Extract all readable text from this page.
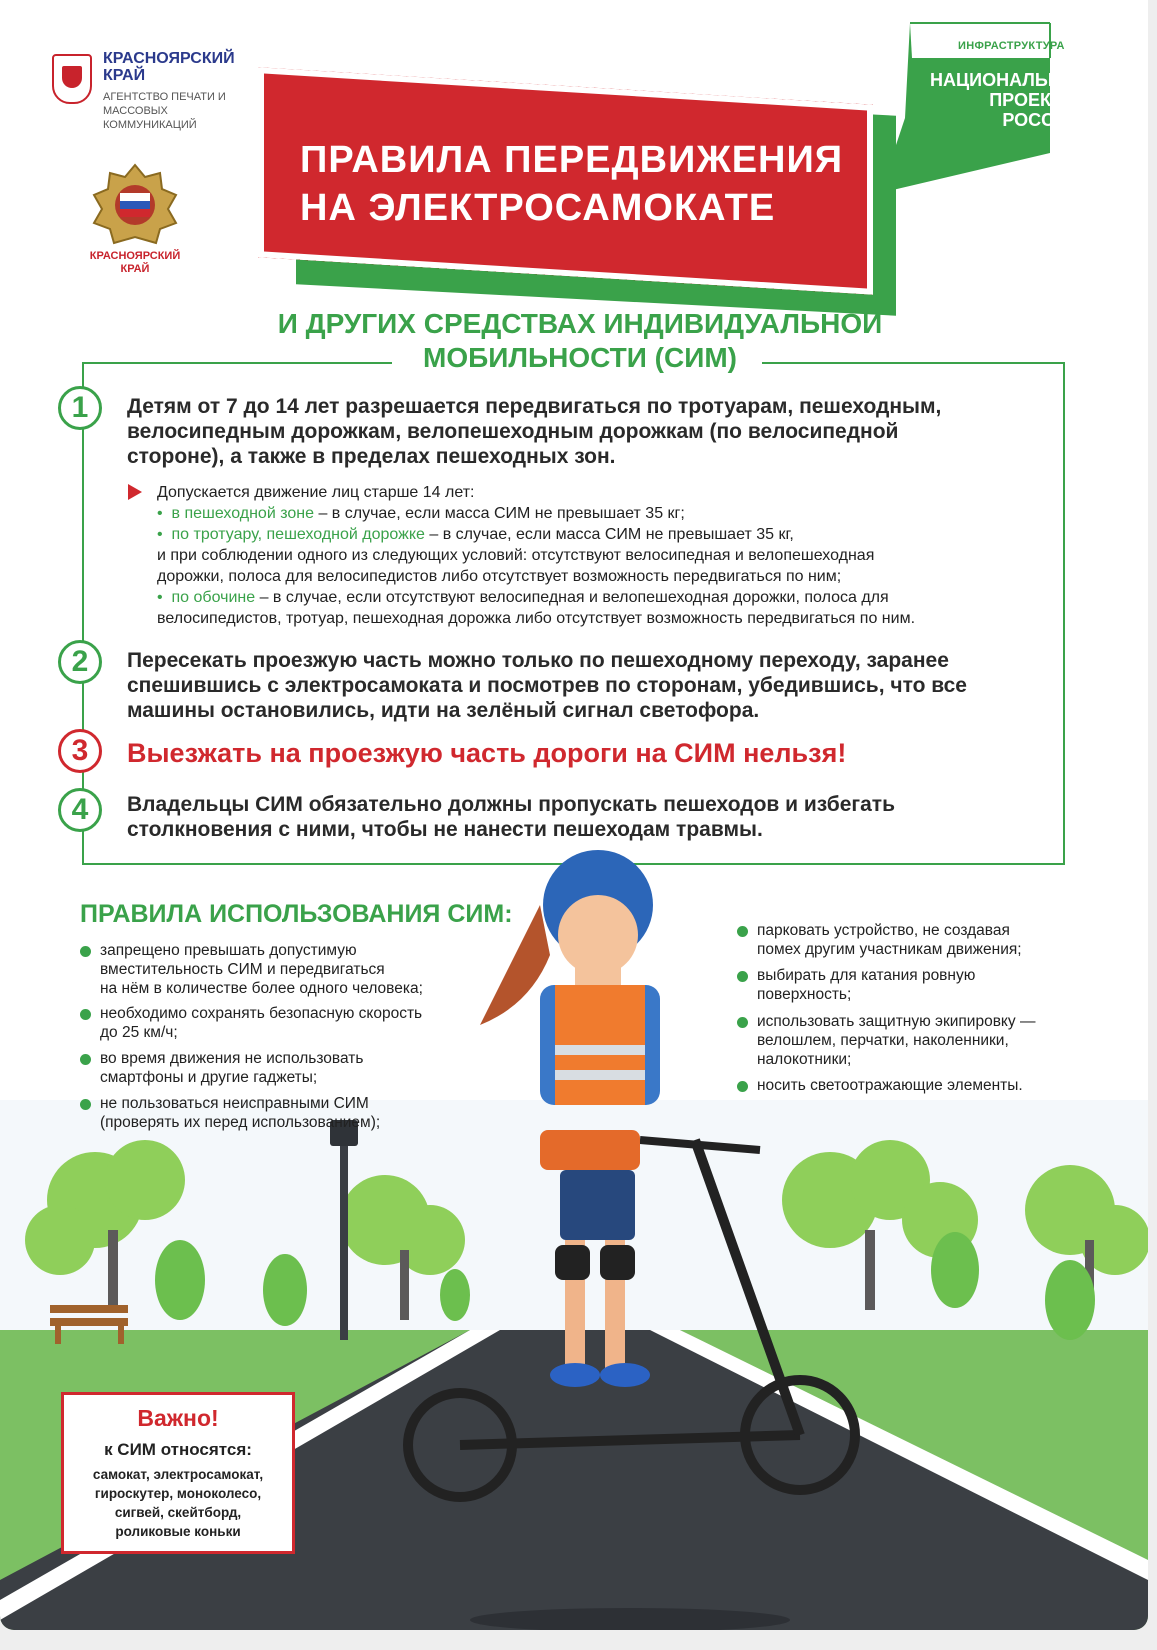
КРАСНОЯРСКИЙ КРАЙ
АГЕНТСТВО ПЕЧАТИ И МАССОВЫХ КОММУНИКАЦИЙ
КРАСНОЯРСКИЙ КРАЙ
ИНФРАСТРУКТУРА
НАЦИОНАЛЬНЫЕ ПРОЕКТЫ РОССИИ
ПРАВИЛА ПЕРЕДВИЖЕНИЯ
НА ЭЛЕКТРОСАМОКАТЕ
И ДРУГИХ СРЕДСТВАХ ИНДИВИДУАЛЬНОЙ
МОБИЛЬНОСТИ (СИМ)
1	Детям от 7 до 14 лет разрешается передвигаться по тротуарам, пешеходным,
велосипедным дорожкам, велопешеходным дорожкам (по велосипедной
стороне), а также в пределах пешеходных зон.
Допускается движение лиц старше 14 лет:
•  в пешеходной зоне – в случае, если масса СИМ не превышает 35 кг;
•  по тротуару, пешеходной дорожке – в случае, если масса СИМ не превышает 35 кг,
и при соблюдении одного из следующих условий: отсутствуют велосипедная и велопешеходная
дорожки, полоса для велосипедистов либо отсутствует возможность передвигаться по ним;
•  по обочине – в случае, если отсутствуют велосипедная и велопешеходная дорожки, полоса для
велосипедистов, тротуар, пешеходная дорожка либо отсутствует возможность передвигаться по ним.
2	Пересекать проезжую часть можно только по пешеходному переходу, заранее
спешившись с электросамоката и посмотрев по сторонам, убедившись, что все
машины остановились, идти на зелёный сигнал светофора.
3	Выезжать на проезжую часть дороги на СИМ нельзя!
4	Владельцы СИМ обязательно должны пропускать пешеходов и избегать
столкновения с ними, чтобы не нанести пешеходам травмы.
ПРАВИЛА ИСПОЛЬЗОВАНИЯ СИМ:
запрещено превышать допустимую
вместительность СИМ и передвигаться
на нём в количестве более одного человека;
необходимо сохранять безопасную скорость
до 25 км/ч;
во время движения не использовать
смартфоны и другие гаджеты;
не пользоваться неисправными СИМ
(проверять их перед использованием);
парковать устройство, не создавая
помех другим участникам движения;
выбирать для катания ровную
поверхность;
использовать защитную экипировку —
велошлем, перчатки, наколенники,
налокотники;
носить светоотражающие элементы.
Важно!
к СИМ относятся:
самокат, электросамокат,
гироскутер, моноколесо,
сигвей, скейтборд,
роликовые коньки
